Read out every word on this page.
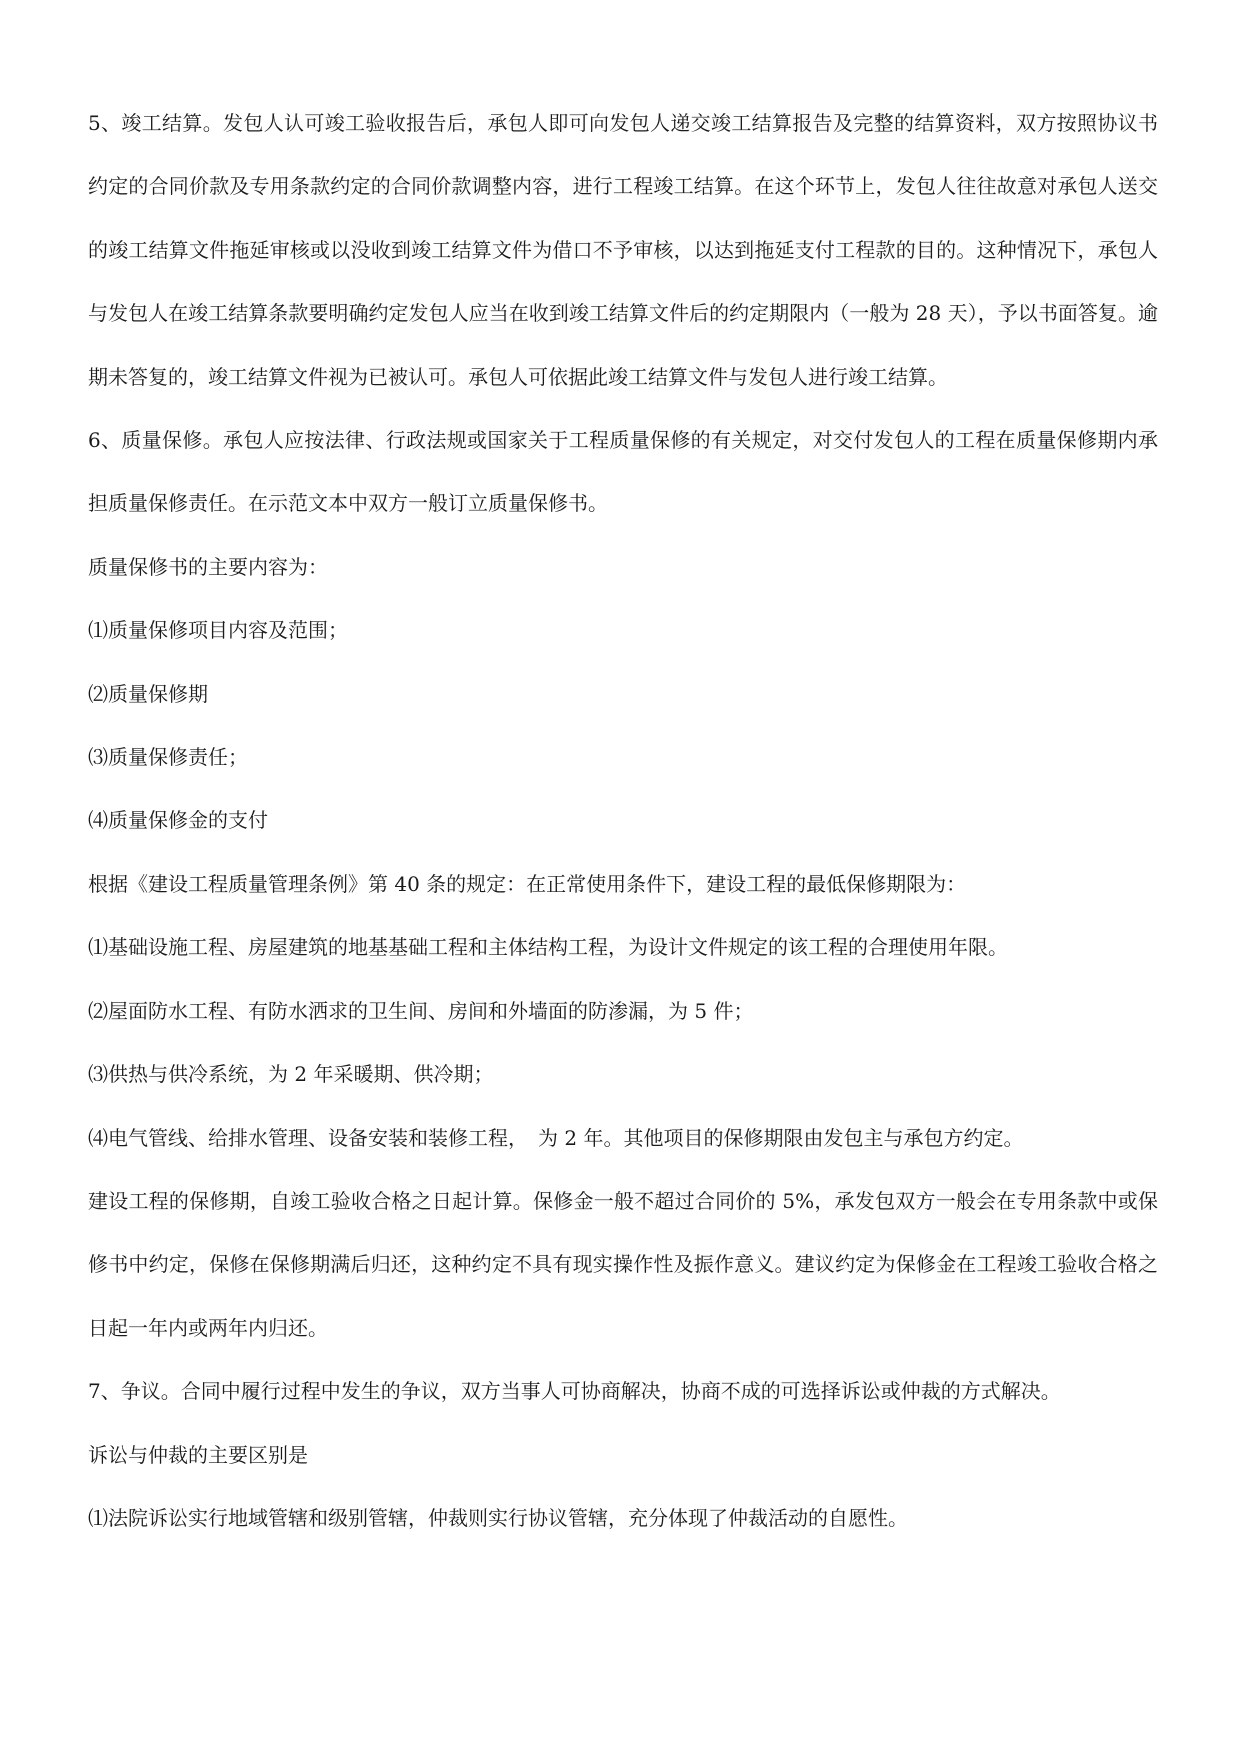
5、竣工结算。发包人认可竣工验收报告后，承包人即可向发包人递交竣工结算报告及完整的结算资料，双方按照协议书约定的合同价款及专用条款约定的合同价款调整内容，进行工程竣工结算。在这个环节上，发包人往往故意对承包人送交的竣工结算文件拖延审核或以没收到竣工结算文件为借口不予审核，以达到拖延支付工程款的目的。这种情况下，承包人与发包人在竣工结算条款要明确约定发包人应当在收到竣工结算文件后的约定期限内（一般为 28 天），予以书面答复。逾期未答复的，竣工结算文件视为已被认可。承包人可依据此竣工结算文件与发包人进行竣工结算。

6、质量保修。承包人应按法律、行政法规或国家关于工程质量保修的有关规定，对交付发包人的工程在质量保修期内承担质量保修责任。在示范文本中双方一般订立质量保修书。

质量保修书的主要内容为：

⑴质量保修项目内容及范围；

⑵质量保修期

⑶质量保修责任；

⑷质量保修金的支付

根据《建设工程质量管理条例》第 40 条的规定：在正常使用条件下，建设工程的最低保修期限为：

⑴基础设施工程、房屋建筑的地基基础工程和主体结构工程，为设计文件规定的该工程的合理使用年限。

⑵屋面防水工程、有防水洒求的卫生间、房间和外墙面的防渗漏，为 5 件；

⑶供热与供冷系统，为 2 年采暖期、供冷期；

⑷电气管线、给排水管理、设备安装和装修工程，　为 2 年。其他项目的保修期限由发包主与承包方约定。

建设工程的保修期，自竣工验收合格之日起计算。保修金一般不超过合同价的 5%，承发包双方一般会在专用条款中或保修书中约定，保修在保修期满后归还，这种约定不具有现实操作性及振作意义。建议约定为保修金在工程竣工验收合格之日起一年内或两年内归还。

7、争议。合同中履行过程中发生的争议，双方当事人可协商解决，协商不成的可选择诉讼或仲裁的方式解决。

诉讼与仲裁的主要区别是

⑴法院诉讼实行地域管辖和级别管辖，仲裁则实行协议管辖，充分体现了仲裁活动的自愿性。
